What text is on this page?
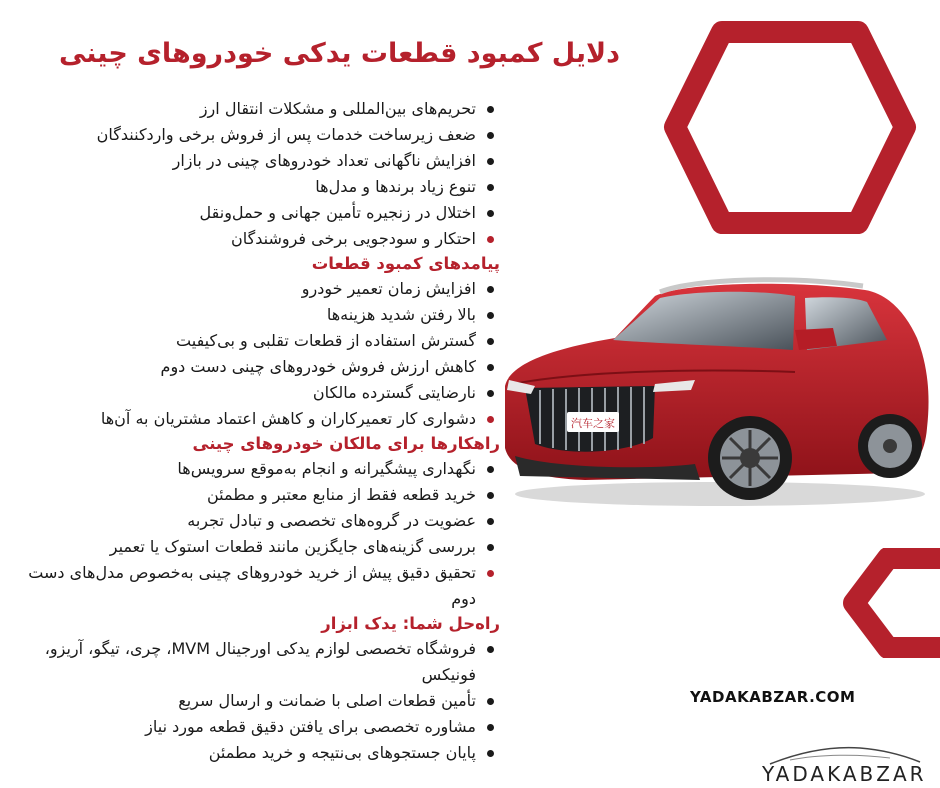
汽车之家
دلایل کمبود قطعات یدکی خودروهای چینی
تحریم‌های بین‌المللی و مشکلات انتقال ارز
ضعف زیرساخت خدمات پس از فروش برخی واردکنندگان
افزایش ناگهانی تعداد خودروهای چینی در بازار
تنوع زیاد برندها و مدل‌ها
اختلال در زنجیره تأمین جهانی و حمل‌ونقل
احتکار و سودجویی برخی فروشندگان
پیامدهای کمبود قطعات
افزایش زمان تعمیر خودرو
بالا رفتن شدید هزینه‌ها
گسترش استفاده از قطعات تقلبی و بی‌کیفیت
کاهش ارزش فروش خودروهای چینی دست دوم
نارضایتی گسترده مالکان
دشواری کار تعمیرکاران و کاهش اعتماد مشتریان به آن‌ها
راهکارها برای مالکان خودروهای چینی
نگهداری پیشگیرانه و انجام به‌موقع سرویس‌ها
خرید قطعه فقط از منابع معتبر و مطمئن
عضویت در گروه‌های تخصصی و تبادل تجربه
بررسی گزینه‌های جایگزین مانند قطعات استوک یا تعمیر
تحقیق دقیق پیش از خرید خودروهای چینی به‌خصوص مدل‌های دست دوم
راه‌حل شما: یدک ابزار
فروشگاه تخصصی لوازم یدکی اورجینال MVM، چری، تیگو، آریزو، فونیکس
تأمین قطعات اصلی با ضمانت و ارسال سریع
مشاوره تخصصی برای یافتن دقیق قطعه مورد نیاز
پایان جستجوهای بی‌نتیجه و خرید مطمئن
YADAKABZAR.COM
YADAKABZAR
